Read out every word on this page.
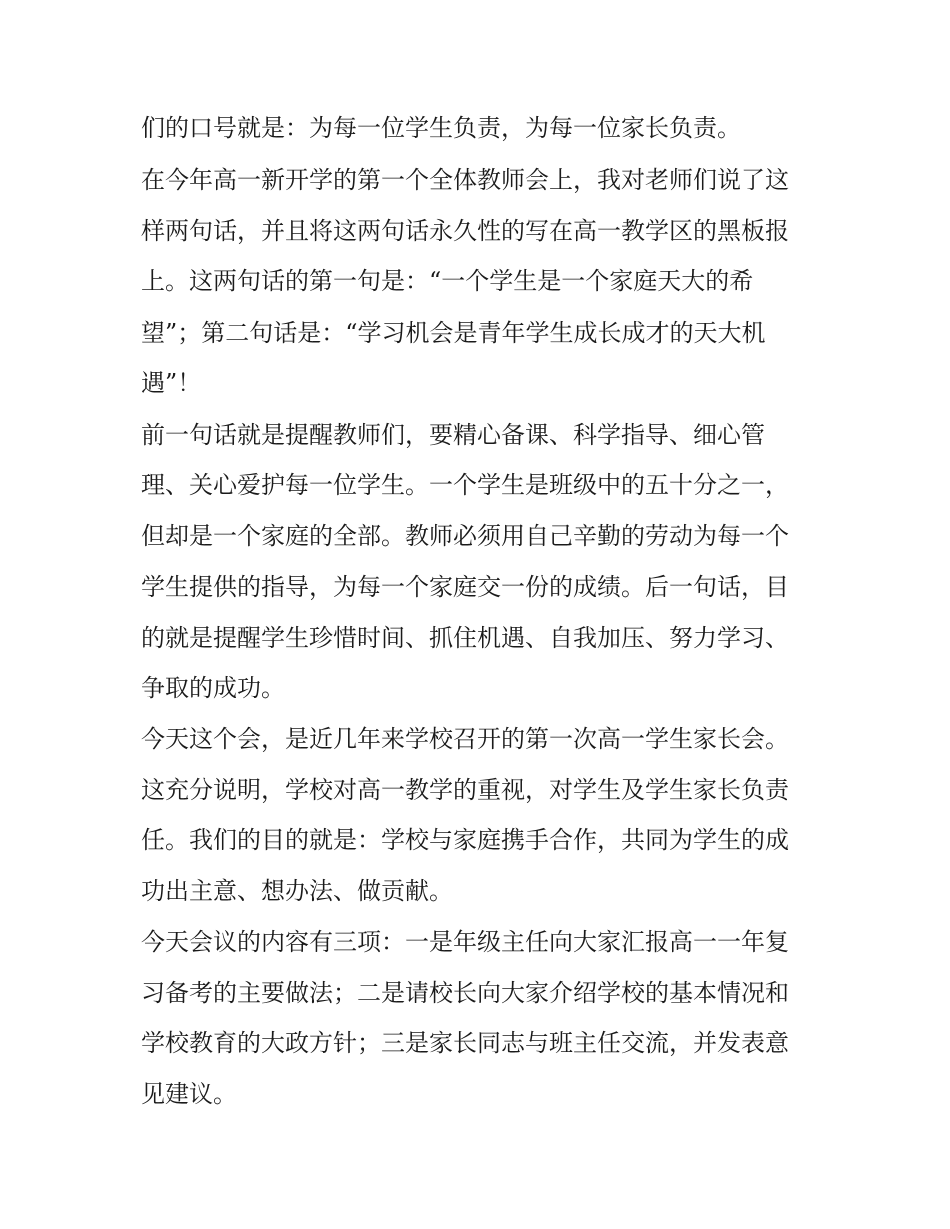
们的口号就是：为每一位学生负责，为每一位家长负责。
在今年高一新开学的第一个全体教师会上，我对老师们说了这
样两句话，并且将这两句话永久性的写在高一教学区的黑板报
上。这两句话的第一句是：“一个学生是一个家庭天大的希
望”；第二句话是：“学习机会是青年学生成长成才的天大机
遇”！
前一句话就是提醒教师们，要精心备课、科学指导、细心管
理、关心爱护每一位学生。一个学生是班级中的五十分之一，
但却是一个家庭的全部。教师必须用自己辛勤的劳动为每一个
学生提供的指导，为每一个家庭交一份的成绩。后一句话，目
的就是提醒学生珍惜时间、抓住机遇、自我加压、努力学习、
争取的成功。
今天这个会，是近几年来学校召开的第一次高一学生家长会。
这充分说明，学校对高一教学的重视，对学生及学生家长负责
任。我们的目的就是：学校与家庭携手合作，共同为学生的成
功出主意、想办法、做贡献。
今天会议的内容有三项：一是年级主任向大家汇报高一一年复
习备考的主要做法；二是请校长向大家介绍学校的基本情况和
学校教育的大政方针；三是家长同志与班主任交流，并发表意
见建议。
